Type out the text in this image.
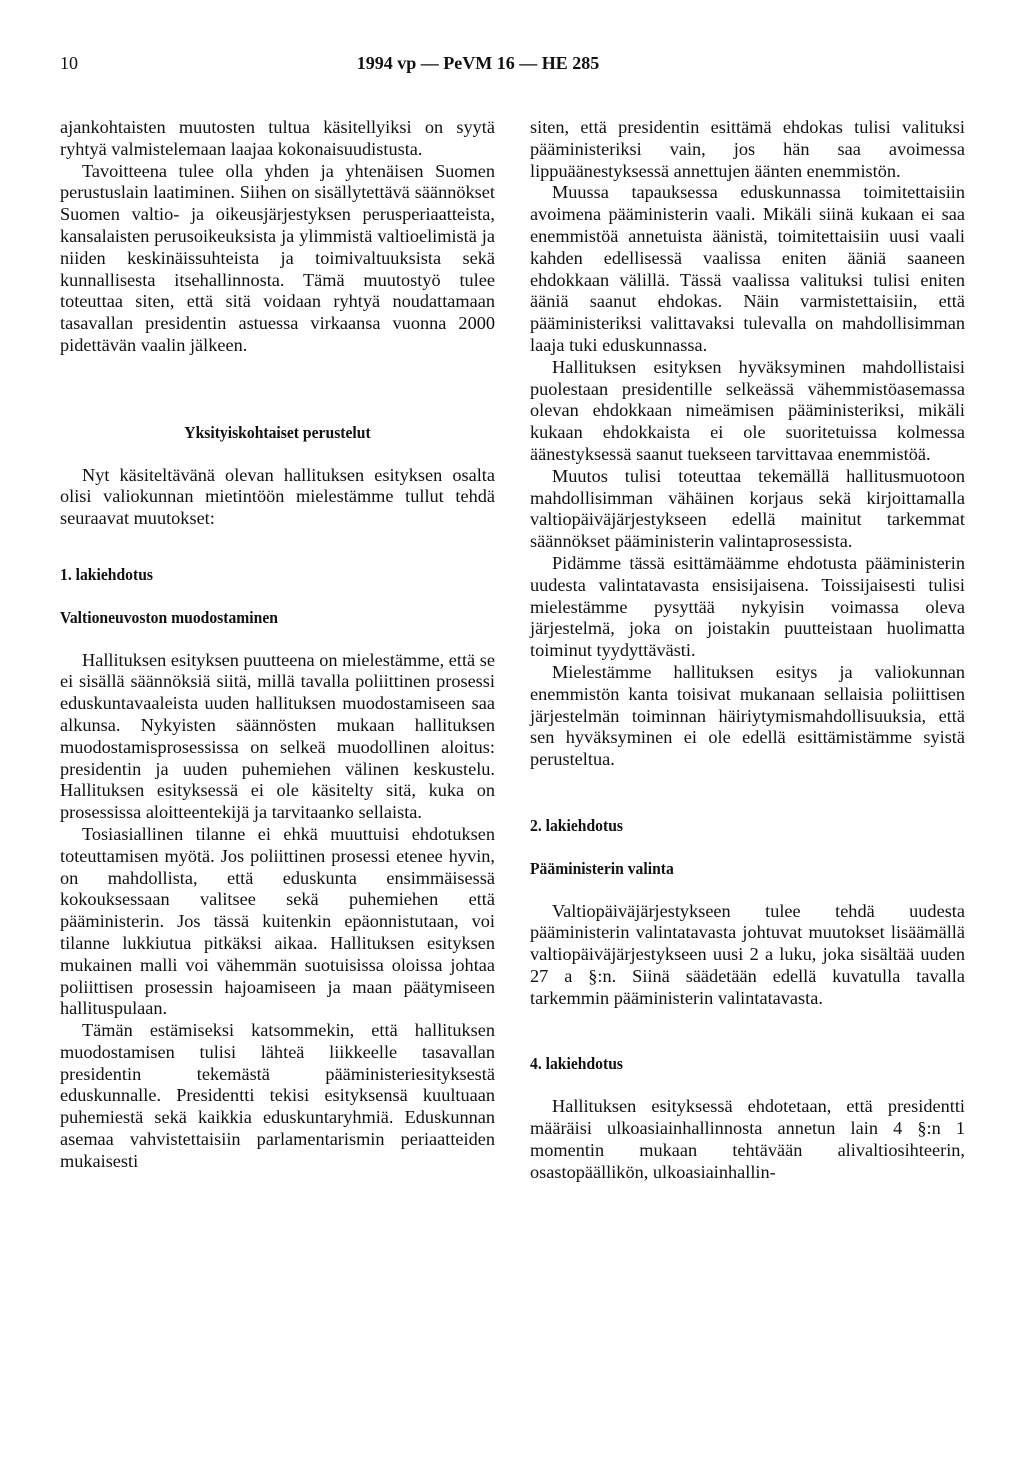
10	1994 vp — PeVM 16 — HE 285

ajankohtaisten muutosten tultua käsitellyiksi on syytä ryhtyä valmistelemaan laajaa kokonaisuudistusta.

Tavoitteena tulee olla yhden ja yhtenäisen Suomen perustuslain laatiminen. Siihen on sisällytettävä säännökset Suomen valtio- ja oikeusjärjestyksen perusperiaatteista, kansalaisten perusoikeuksista ja ylimmistä valtioelimistä ja niiden keskinäissuhteista ja toimivaltuuksista sekä kunnallisesta itsehallinnosta. Tämä muutostyö tulee toteuttaa siten, että sitä voidaan ryhtyä noudattamaan tasavallan presidentin astuessa virkaansa vuonna 2000 pidettävän vaalin jälkeen.

Yksityiskohtaiset perustelut

Nyt käsiteltävänä olevan hallituksen esityksen osalta olisi valiokunnan mietintöön mielestämme tullut tehdä seuraavat muutokset:

1. lakiehdotus
Valtioneuvoston muodostaminen

Hallituksen esityksen puutteena on mielestämme, että se ei sisällä säännöksiä siitä, millä tavalla poliittinen prosessi eduskuntavaaleista uuden hallituksen muodostamiseen saa alkunsa. Nykyisten säännösten mukaan hallituksen muodostamisprosessissa on selkeä muodollinen aloitus: presidentin ja uuden puhemiehen välinen keskustelu. Hallituksen esityksessä ei ole käsitelty sitä, kuka on prosessissa aloitteentekijä ja tarvitaanko sellaista.

Tosiasiallinen tilanne ei ehkä muuttuisi ehdotuksen toteuttamisen myötä. Jos poliittinen prosessi etenee hyvin, on mahdollista, että eduskunta ensimmäisessä kokouksessaan valitsee sekä puhemiehen että pääministerin. Jos tässä kuitenkin epäonnistutaan, voi tilanne lukkiutua pitkäksi aikaa. Hallituksen esityksen mukainen malli voi vähemmän suotuisissa oloissa johtaa poliittisen prosessin hajoamiseen ja maan päätymiseen hallituspulaan.

Tämän estämiseksi katsommekin, että hallituksen muodostamisen tulisi lähteä liikkeelle tasavallan presidentin tekemästä pääministeriesityksestä eduskunnalle. Presidentti tekisi esityksensä kuultuaan puhemiestä sekä kaikkia eduskuntaryhmiä. Eduskunnan asemaa vahvistettaisiin parlamentarismin periaatteiden mukaisesti

siten, että presidentin esittämä ehdokas tulisi valituksi pääministeriksi vain, jos hän saa avoimessa lippuäänestyksessä annettujen äänten enemmistön.

Muussa tapauksessa eduskunnassa toimitettaisiin avoimena pääministerin vaali. Mikäli siinä kukaan ei saa enemmistöä annetuista äänistä, toimitettaisiin uusi vaali kahden edellisessä vaalissa eniten ääniä saaneen ehdokkaan välillä. Tässä vaalissa valituksi tulisi eniten ääniä saanut ehdokas. Näin varmistettaisiin, että pääministeriksi valittavaksi tulevalla on mahdollisimman laaja tuki eduskunnassa.

Hallituksen esityksen hyväksyminen mahdollistaisi puolestaan presidentille selkeässä vähemmistöasemassa olevan ehdokkaan nimeämisen pääministeriksi, mikäli kukaan ehdokkaista ei ole suoritetuissa kolmessa äänestyksessä saanut tuekseen tarvittavaa enemmistöä.

Muutos tulisi toteuttaa tekemällä hallitusmuotoon mahdollisimman vähäinen korjaus sekä kirjoittamalla valtiopäiväjärjestykseen edellä mainitut tarkemmat säännökset pääministerin valintaprosessista.

Pidämme tässä esittämäämme ehdotusta pääministerin uudesta valintatavasta ensisijaisena. Toissijaisesti tulisi mielestämme pysyttää nykyisin voimassa oleva järjestelmä, joka on joistakin puutteistaan huolimatta toiminut tyydyttävästi.

Mielestämme hallituksen esitys ja valiokunnan enemmistön kanta toisivat mukanaan sellaisia poliittisen järjestelmän toiminnan häiriytymismahdollisuuksia, että sen hyväksyminen ei ole edellä esittämistämme syistä perusteltua.

2. lakiehdotus
Pääministerin valinta

Valtiopäiväjärjestykseen tulee tehdä uudesta pääministerin valintatavasta johtuvat muutokset lisäämällä valtiopäiväjärjestykseen uusi 2 a luku, joka sisältää uuden 27 a §:n. Siinä säädetään edellä kuvatulla tavalla tarkemmin pääministerin valintatavasta.

4. lakiehdotus

Hallituksen esityksessä ehdotetaan, että presidentti määräisi ulkoasiainhallinnosta annetun lain 4 §:n 1 momentin mukaan tehtävään alivaltiosihteerin, osastopäällikön, ulkoasiainhallin-
